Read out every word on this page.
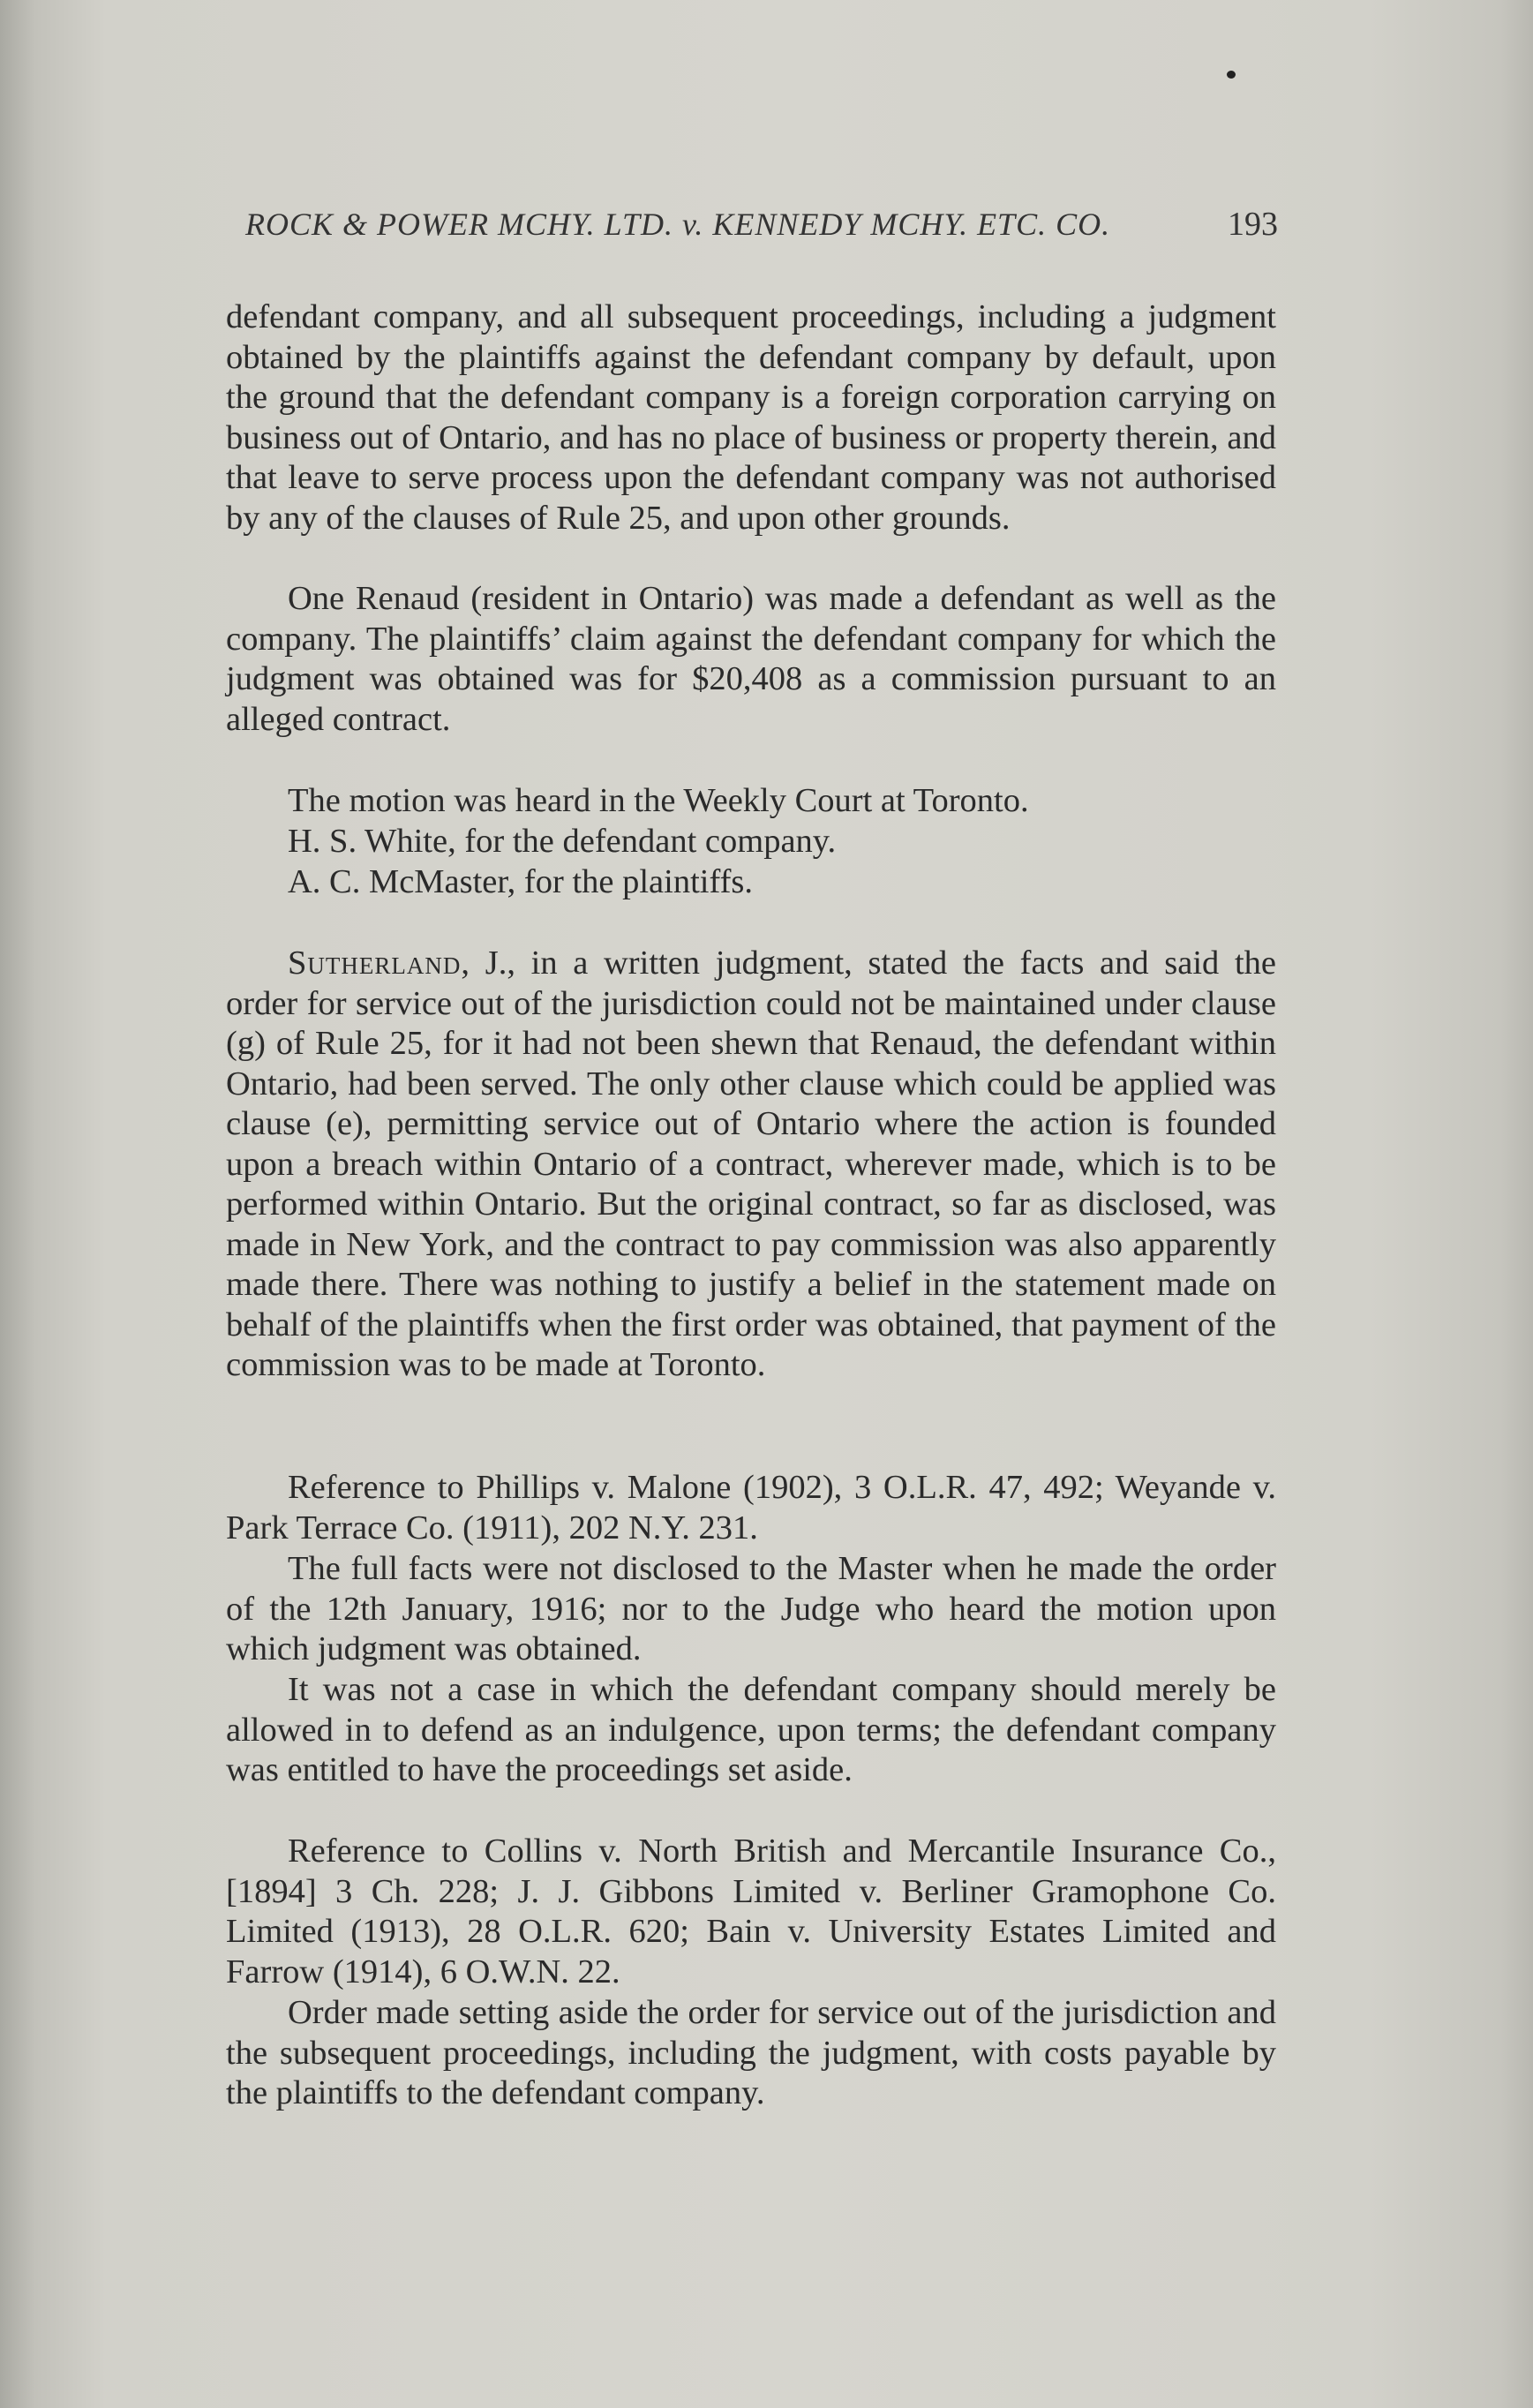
ROCK & POWER MCHY. LTD. v. KENNEDY MCHY. ETC. CO.	193
defendant company, and all subsequent proceedings, including a judgment obtained by the plaintiffs against the defendant company by default, upon the ground that the defendant company is a foreign corporation carrying on business out of Ontario, and has no place of business or property therein, and that leave to serve process upon the defendant company was not authorised by any of the clauses of Rule 25, and upon other grounds.
One Renaud (resident in Ontario) was made a defendant as well as the company. The plaintiffs’ claim against the defendant company for which the judgment was obtained was for $20,408 as a commission pursuant to an alleged contract.
The motion was heard in the Weekly Court at Toronto.
H. S. White, for the defendant company.
A. C. McMaster, for the plaintiffs.
Sutherland, J., in a written judgment, stated the facts and said the order for service out of the jurisdiction could not be maintained under clause (g) of Rule 25, for it had not been shewn that Renaud, the defendant within Ontario, had been served. The only other clause which could be applied was clause (e), permitting service out of Ontario where the action is founded upon a breach within Ontario of a contract, wherever made, which is to be performed within Ontario. But the original contract, so far as disclosed, was made in New York, and the contract to pay commission was also apparently made there. There was nothing to justify a belief in the statement made on behalf of the plaintiffs when the first order was obtained, that payment of the commission was to be made at Toronto.
Reference to Phillips v. Malone (1902), 3 O.L.R. 47, 492; Weyande v. Park Terrace Co. (1911), 202 N.Y. 231.
The full facts were not disclosed to the Master when he made the order of the 12th January, 1916; nor to the Judge who heard the motion upon which judgment was obtained.
It was not a case in which the defendant company should merely be allowed in to defend as an indulgence, upon terms; the defendant company was entitled to have the proceedings set aside.
Reference to Collins v. North British and Mercantile Insurance Co., [1894] 3 Ch. 228; J. J. Gibbons Limited v. Berliner Gramophone Co. Limited (1913), 28 O.L.R. 620; Bain v. University Estates Limited and Farrow (1914), 6 O.W.N. 22.
Order made setting aside the order for service out of the jurisdiction and the subsequent proceedings, including the judgment, with costs payable by the plaintiffs to the defendant company.
